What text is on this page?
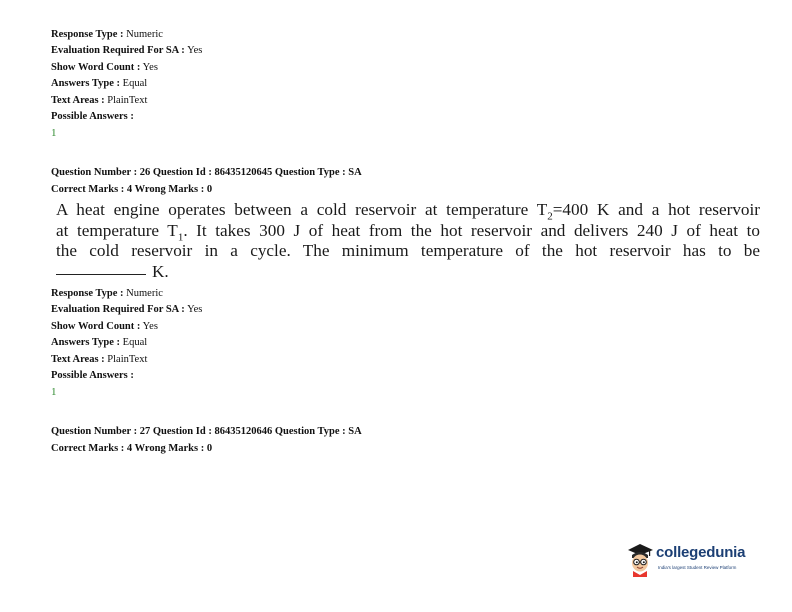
Response Type : Numeric
Evaluation Required For SA : Yes
Show Word Count : Yes
Answers Type : Equal
Text Areas : PlainText
Possible Answers :
1
Question Number : 26 Question Id : 86435120645 Question Type : SA
Correct Marks : 4 Wrong Marks : 0
A heat engine operates between a cold reservoir at temperature $T_2=400$ K and a hot reservoir
at temperature $T_1$. It takes 300 J of heat from the hot reservoir and delivers 240 J of heat to
the cold reservoir in a cycle. The minimum temperature of the hot reservoir has to be
K.
Response Type : Numeric
Evaluation Required For SA : Yes
Show Word Count : Yes
Answers Type : Equal
Text Areas : PlainText
Possible Answers :
1
Question Number : 27 Question Id : 86435120646 Question Type : SA
Correct Marks : 4 Wrong Marks : 0
collegedunia
India's largest Student Review Platform
